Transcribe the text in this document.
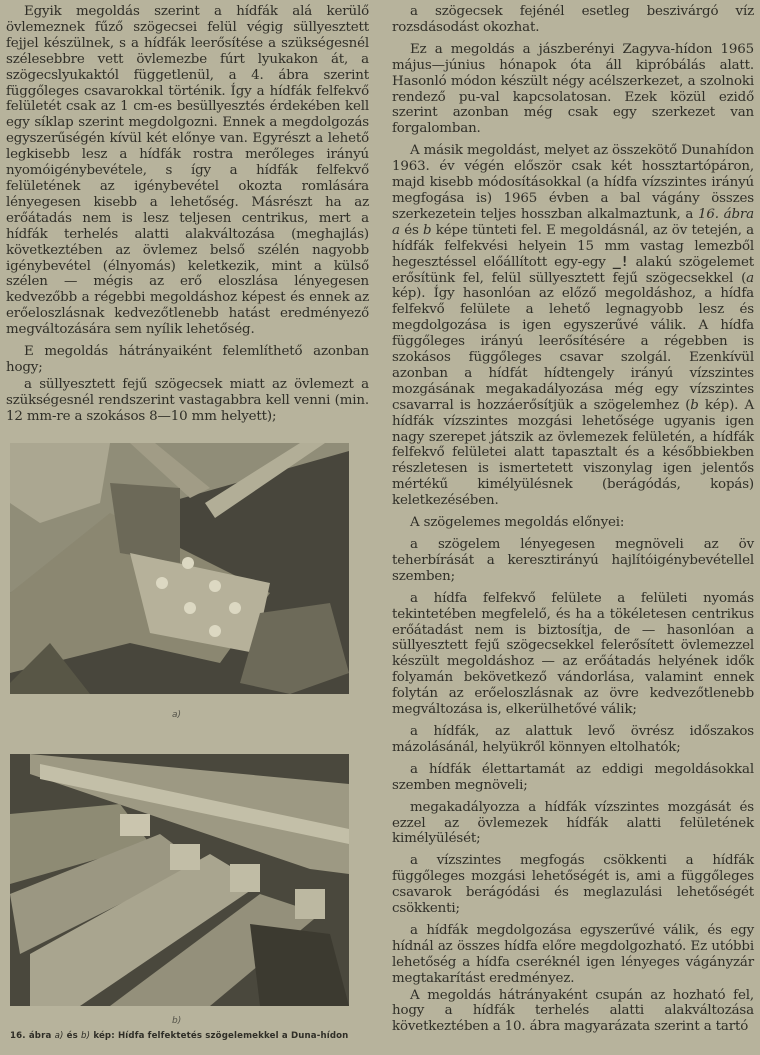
Egyik megoldás szerint a hídfák alá kerülő övlemeznek fűző szögecsei felül végig süllyesztett fejjel készülnek, s a hídfák leerősítése a szükségesnél szélesebbre vett övlemezbe fúrt lyukakon át, a szögecslyukaktól függetlenül, a 4. ábra szerint függőleges csavarokkal történik. Így a hídfák felfekvő felületét csak az 1 cm-es besüllyesztés érdekében kell egy síklap szerint megdolgozni. Ennek a megdolgozás egyszerűségén kívül két előnye van. Egyrészt a lehető legkisebb lesz a hídfák rostra merőleges irányú nyomóigénybevétele, s így a hídfák felfekvő felületének az igénybevétel okozta romlására lényegesen kisebb a lehetőség. Másrészt ha az erőátadás nem is lesz teljesen centrikus, mert a hídfák terhelés alatti alakváltozása (meghajlás) következtében az övlemez belső szélén nagyobb igénybevétel (élnyomás) keletkezik, mint a külső szélen — mégis az erő eloszlása lényegesen kedvezőbb a régebbi megoldáshoz képest és ennek az erőeloszlásnak kedvezőtlenebb hatást eredményező megváltozására sem nyílik lehetőség.

E megoldás hátrányaiként felemlíthető azonban hogy;

a süllyesztett fejű szögecsek miatt az övlemezt a szükségesnél rendszerint vastagabbra kell venni (min. 12 mm-re a szokásos 8—10 mm helyett);

a)
b)
16. ábra a) és b) kép: Hídfa felfektetés szögelemekkel a Duna-hídon

a szögecsek fejénél esetleg beszivárgó víz rozsdásodást okozhat.

Ez a megoldás a jászberényi Zagyva-hídon 1965 május—június hónapok óta áll kipróbálás alatt. Hasonló módon készült négy acélszerkezet, a szolnoki rendező pu-val kapcsolatosan. Ezek közül ezidő szerint azonban még csak egy szerkezet van forgalomban.

A másik megoldást, melyet az összekötő Dunahídon 1963. év végén először csak két hossztartópáron, majd kisebb módosításokkal (a hídfa vízszintes irányú megfogása is) 1965 évben a bal vágány összes szerkezetein teljes hosszban alkalmaztunk, a 16. ábra a és b képe tünteti fel. E megoldásnál, az öv tetején, a hídfák felfekvési helyein 15 mm vastag lemezből hegesztéssel előállított egy-egy _! alakú szögelemet erősítünk fel, felül süllyesztett fejű szögecsekkel (a kép). Így hasonlóan az előző megoldáshoz, a hídfa felfekvő felülete a lehető legnagyobb lesz és megdolgozása is igen egyszerűvé válik. A hídfa függőleges irányú leerősítésére a régebben is szokásos függőleges csavar szolgál. Ezenkívül azonban a hídfát hídtengely irányú vízszintes mozgásának megakadályozása még egy vízszintes csavarral is hozzáerősítjük a szögelemhez (b kép). A hídfák vízszintes mozgási lehetősége ugyanis igen nagy szerepet játszik az övlemezek felületén, a hídfák felfekvő felületei alatt tapasztalt és a későbbiekben részletesen is ismertetett viszonylag igen jelentős mértékű kimélyülésnek (berágódás, kopás) keletkezésében.

A szögelemes megoldás előnyei:

a szögelem lényegesen megnöveli az öv teherbírását a keresztirányú hajlítóigénybevétellel szemben;

a hídfa felfekvő felülete a felületi nyomás tekintetében megfelelő, és ha a tökéletesen centrikus erőátadást nem is biztosítja, de — hasonlóan a süllyesztett fejű szögecsekkel felerősített övlemezzel készült megoldáshoz — az erőátadás helyének idők folyamán bekövetkező vándorlása, valamint ennek folytán az erőeloszlásnak az övre kedvezőtlenebb megváltozása is, elkerülhetővé válik;

a hídfák, az alattuk levő övrész időszakos mázolásánál, helyükről könnyen eltolhatók;

a hídfák élettartamát az eddigi megoldásokkal szemben megnöveli;

megakadályozza a hídfák vízszintes mozgását és ezzel az övlemezek hídfák alatti felületének kimélyülését;

a vízszintes megfogás csökkenti a hídfák függőleges mozgási lehetőségét is, ami a függőleges csavarok berágódási és meglazulási lehetőségét csökkenti;

a hídfák megdolgozása egyszerűvé válik, és egy hídnál az összes hídfa előre megdolgozható. Ez utóbbi lehetőség a hídfa cseréknél igen lényeges vágányzár megtakarítást eredményez.

A megoldás hátrányaként csupán az hozható fel, hogy a hídfák terhelés alatti alakváltozása következtében a 10. ábra magyarázata szerint a tartó
